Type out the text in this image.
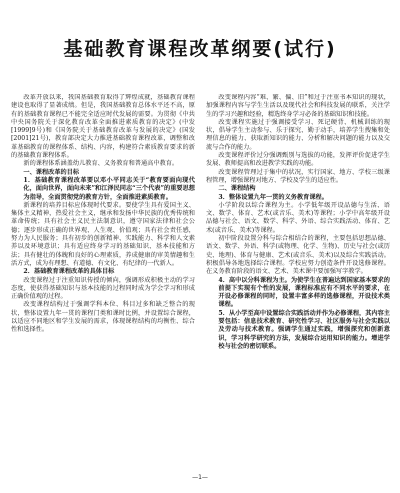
基础教育课程改革纲要(试行)

改革开放以来，我国基础教育取得了辉煌成就，基础教育课程建设也取得了显著成绩。但是，我国基础教育总体水平还不高，原有的基础教育课程已不能完全适应时代发展的需要。为贯彻《中共中央国务院关于深化教育改革全面推进素质教育的决定》(中发[1999]9号)和《国务院关于基础教育改革与发展的决定》(国发[2001]21号)，教育部决定大力推进基础教育课程改革，调整和改革基础教育的课程体系、结构、内容，构建符合素质教育要求的新的基础教育课程体系。

新的课程体系涵盖幼儿教育、义务教育和普通高中教育。

一、课程改革的目标

1．基础教育课程改革要以邓小平同志关于“教育要面向现代化，面向世界，面向未来”和江泽民同志“三个代表”的重要思想为指导，全面贯彻党的教育方针，全面推进素质教育。

新课程的培养目标应体现时代要求。要使学生具有爱国主义、集体主义精神，热爱社会主义，继承和发扬中华民族的优秀传统和革命传统；具有社会主义民主法制意识，遵守国家法律和社会公德；逐步形成正确的世界观、人生观、价值观；具有社会责任感，努力为人民服务；具有初步的创新精神、实践能力、科学和人文素养以及环境意识；具有适应终身学习的基础知识、基本技能和方法；具有健壮的体魄和良好的心理素质，养成健康的审美情趣和生活方式，成为有理想、有道德、有文化、有纪律的一代新人。

2．基础教育课程改革的具体目标

改变课程过于注重知识传授的倾向，强调形成积极主动的学习态度，使获得基础知识与基本技能的过程同时成为学会学习和形成正确价值观的过程。

改变课程结构过于强调学科本位、科目过多和缺乏整合的现状，整体设置九年一贯的课程门类和课时比例，并设置综合课程，以适应不同地区和学生发展的需求，体现课程结构的均衡性、综合性和选择性。

改变课程内容“难、繁、偏、旧”和过于注重书本知识的现状，加强课程内容与学生生活以及现代社会和科技发展的联系，关注学生的学习兴趣和经验，精选终身学习必备的基础知识和技能。

改变课程实施过于强调接受学习、死记硬背、机械训练的现状，倡导学生主动参与、乐于探究、勤于动手，培养学生搜集和处理信息的能力、获取新知识的能力、分析和解决问题的能力以及交流与合作的能力。

改变课程评价过分强调甄别与选拔的功能，发挥评价促进学生发展、教师提高和改进教学实践的功能。

改变课程管理过于集中的状况，实行国家、地方、学校三级课程管理，增强课程对地方、学校及学生的适应性。

二、课程结构

3．整体设置九年一贯的义务教育课程。

小学阶段以综合课程为主。小学低年级开设品德与生活、语文、数学、体育、艺术(或音乐、美术)等课程；小学中高年级开设品德与社会、语文、数学、科学、外语、综合实践活动、体育、艺术(或音乐、美术)等课程。

初中阶段设置分科与综合相结合的课程，主要包括思想品德、语文、数学、外语、科学(或物理、化学、生物)、历史与社会(或历史、地理)、体育与健康、艺术(或音乐、美术)以及综合实践活动。积极倡导各地选择综合课程。学校应努力创造条件开设选修课程。在义务教育阶段的语文、艺术、美术课中要加强写字教学。

4．高中以分科课程为主。为使学生在普遍达到国家基本要求的前提下实现有个性的发展，课程标准应有不同水平的要求，在开设必修课程的同时，设置丰富多样的选修课程，开设技术类课程。

5．从小学至高中设置综合实践活动并作为必修课程，其内容主要包括：信息技术教育、研究性学习、社区服务与社会实践以及劳动与技术教育。强调学生通过实践，增强探究和创新意识，学习科学研究的方法，发展综合运用知识的能力。增进学校与社会的密切联系。

—1—
